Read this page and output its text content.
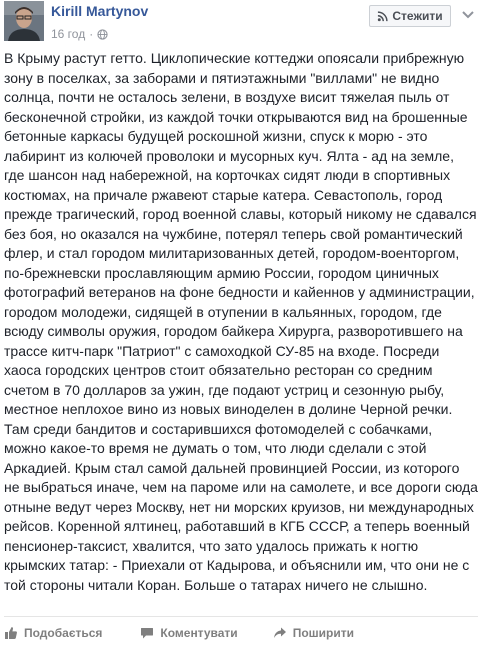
Kirill Martynov
16 год ·
Стежити

В Крыму растут гетто. Циклопические коттеджи опоясали прибрежную зону в поселках, за заборами и пятиэтажными "виллами" не видно солнца, почти не осталось зелени, в воздухе висит тяжелая пыль от бесконечной стройки, из каждой точки открываются вид на брошенные бетонные каркасы будущей роскошной жизни, спуск к морю - это лабиринт из колючей проволоки и мусорных куч. Ялта - ад на земле, где шансон над набережной, на корточках сидят люди в спортивных костюмах, на причале ржавеют старые катера. Севастополь, город прежде трагический, город военной славы, который никому не сдавался без боя, но оказался на чужбине, потерял теперь свой романтический флер, и стал городом милитаризованных детей, городом-военторгом, по-брежневски прославляющим армию России, городом циничных фотографий ветеранов на фоне бедности и кайеннов у администрации, городом молодежи, сидящей в отупении в кальянных, городом, где всюду символы оружия, городом байкера Хирурга, разворотившего на трассе китч-парк "Патриот" с самоходкой СУ-85 на входе. Посреди хаоса городских центров стоит обязательно ресторан со средним счетом в 70 долларов за ужин, где подают устриц и сезонную рыбу, местное неплохое вино из новых виноделен в долине Черной речки. Там среди бандитов и состарившихся фотомоделей с собачками, можно какое-то время не думать о том, что люди сделали с этой Аркадией. Крым стал самой дальней провинцией России, из которого не выбраться иначе, чем на пароме или на самолете, и все дороги сюда отныне ведут через Москву, нет ни морских круизов, ни международных рейсов. Коренной ялтинец, работавший в КГБ СССР, а теперь военный пенсионер-таксист, хвалится, что зато удалось прижать к ногтю крымских татар: - Приехали от Кадырова, и объяснили им, что они не с той стороны читали Коран. Больше о татарах ничего не слышно.

Подобається	Коментувати	Поширити
